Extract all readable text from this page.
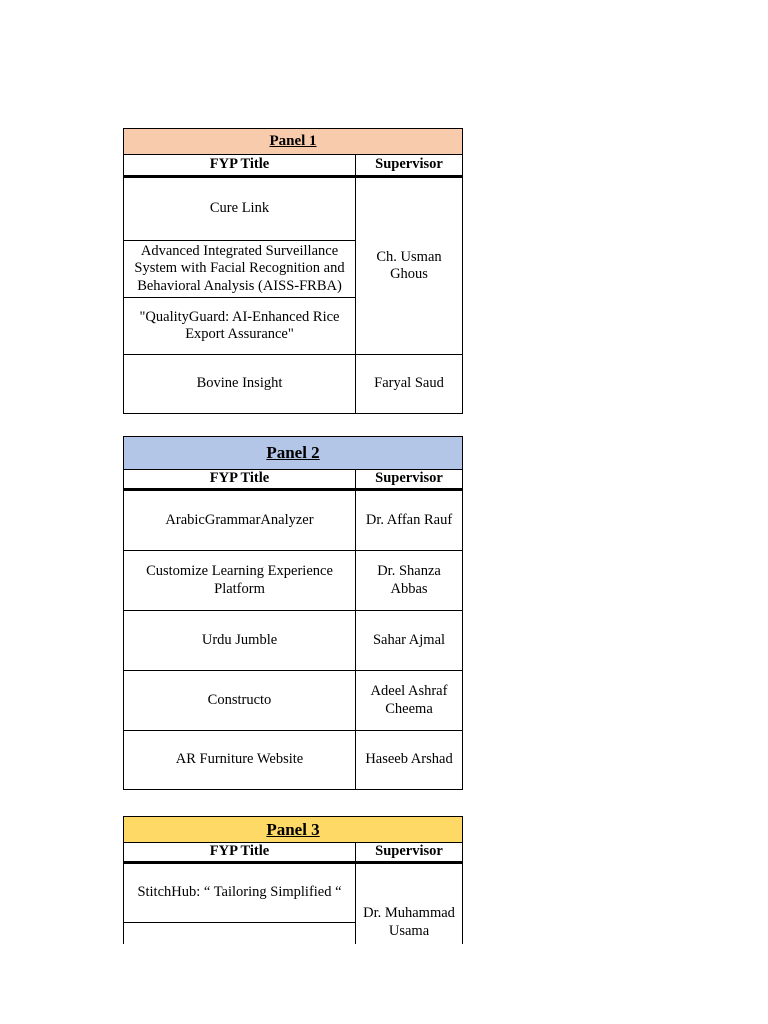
Panel 1	
FYP Title	Supervisor
Cure Link	Ch. Usman Ghous
Advanced Integrated Surveillance System with Facial Recognition and Behavioral Analysis (AISS-FRBA)	
"QualityGuard: AI-Enhanced Rice Export Assurance"	
Bovine Insight	Faryal Saud
Panel 2	
FYP Title	Supervisor
ArabicGrammarAnalyzer	Dr. Affan Rauf
Customize Learning Experience Platform	Dr. Shanza Abbas
Urdu Jumble	Sahar Ajmal
Constructo	Adeel Ashraf Cheema
AR Furniture Website	Haseeb Arshad
Panel 3	
FYP Title	Supervisor
StitchHub: “ Tailoring Simplified “	Dr. Muhammad Usama
